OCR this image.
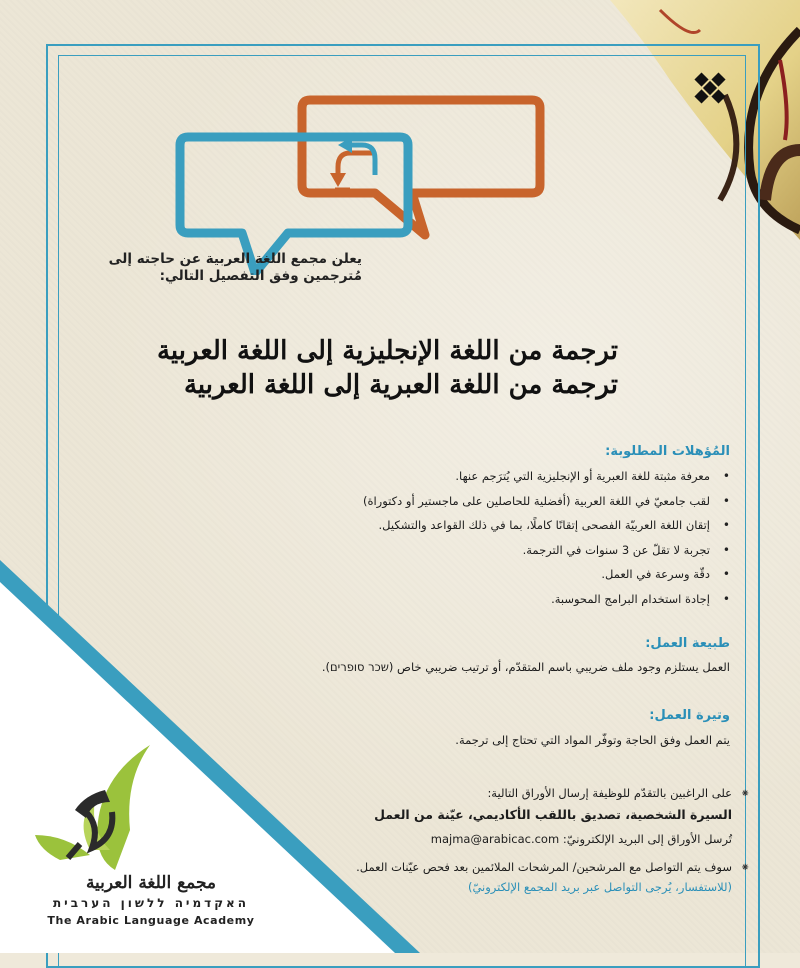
يعلن مجمع اللغة العربية عن حاجته إلى
مُترجمين وفق التفصيل التالي:
ترجمة من اللغة الإنجليزية إلى اللغة العربية
ترجمة من اللغة العبرية إلى اللغة العربية
المُؤهلات المطلوبة:
•
معرفة مثبتة للغة العبرية أو الإنجليزية التي يُترَجم عنها.
•
لقب جامعيّ في اللغة العربية (أفضلية للحاصلين على ماجستير أو دكتوراة)
•
إتقان اللغة العربيّة الفصحى إتقانًا كاملًا، بما في ذلك القواعد والتشكيل.
•
تجربة لا تقلّ عن 3 سنوات في الترجمة.
•
دقّة وسرعة في العمل.
•
إجادة استخدام البرامج المحوسبة.
طبيعة العمل:
العمل يستلزم وجود ملف ضريبي باسم المتقدّم، أو ترتيب ضريبي خاص (שכר סופרים).
وتيرة العمل:
يتم العمل وفق الحاجة وتوفّر المواد التي تحتاج إلى ترجمة.
⁕
على الراغبين بالتقدّم للوظيفة إرسال الأوراق التالية:
السيرة الشخصية، تصديق باللقب الأكاديمي، عيّنة من العمل
تُرسل الأوراق إلى البريد الإلكترونيّ: majma@arabicac.com
⁕
سوف يتم التواصل مع المرشحين/ المرشحات الملائمين بعد فحص عيّنات العمل.
(للاستفسار، يُرجى التواصل عبر بريد المجمع الإلكترونيّ)
مجمع اللغة العربية
האקדמיה ללשון הערבית
The Arabic Language Academy
